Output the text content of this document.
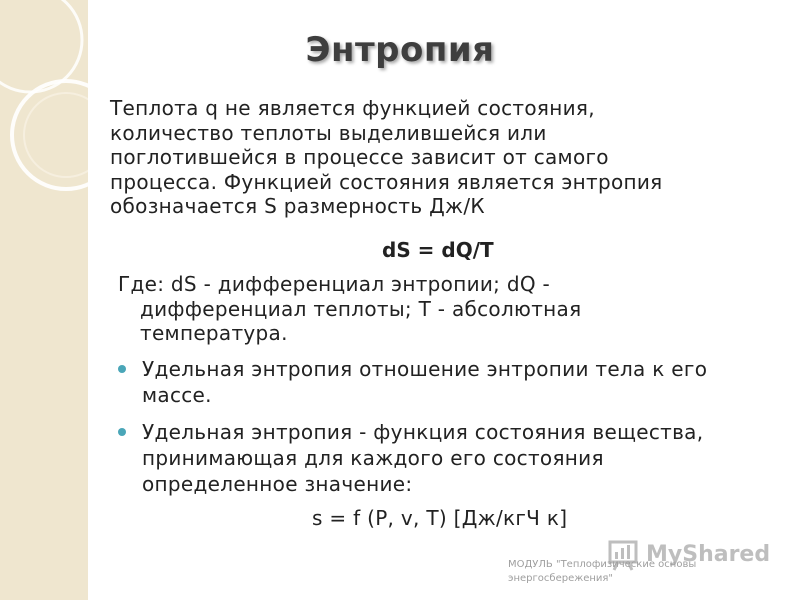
Энтропия
Теплота q не является функцией состояния, количество теплоты выделившейся или поглотившейся в процессе зависит от самого процесса. Функцией состояния является энтропия обозначается S размерность Дж/К
dS = dQ/T
Где: dS - дифференциал энтропии; dQ - дифференциал теплоты; Т - абсолютная температура.
Удельная энтропия отношение энтропии тела к его массе.
Удельная энтропия - функция состояния вещества, принимающая для каждого его состояния определенное значение:
s = f (P, v, T) [Дж/кгЧ к]
MyShared
МОДУЛЬ "Теплофизические основы энергосбережения"
